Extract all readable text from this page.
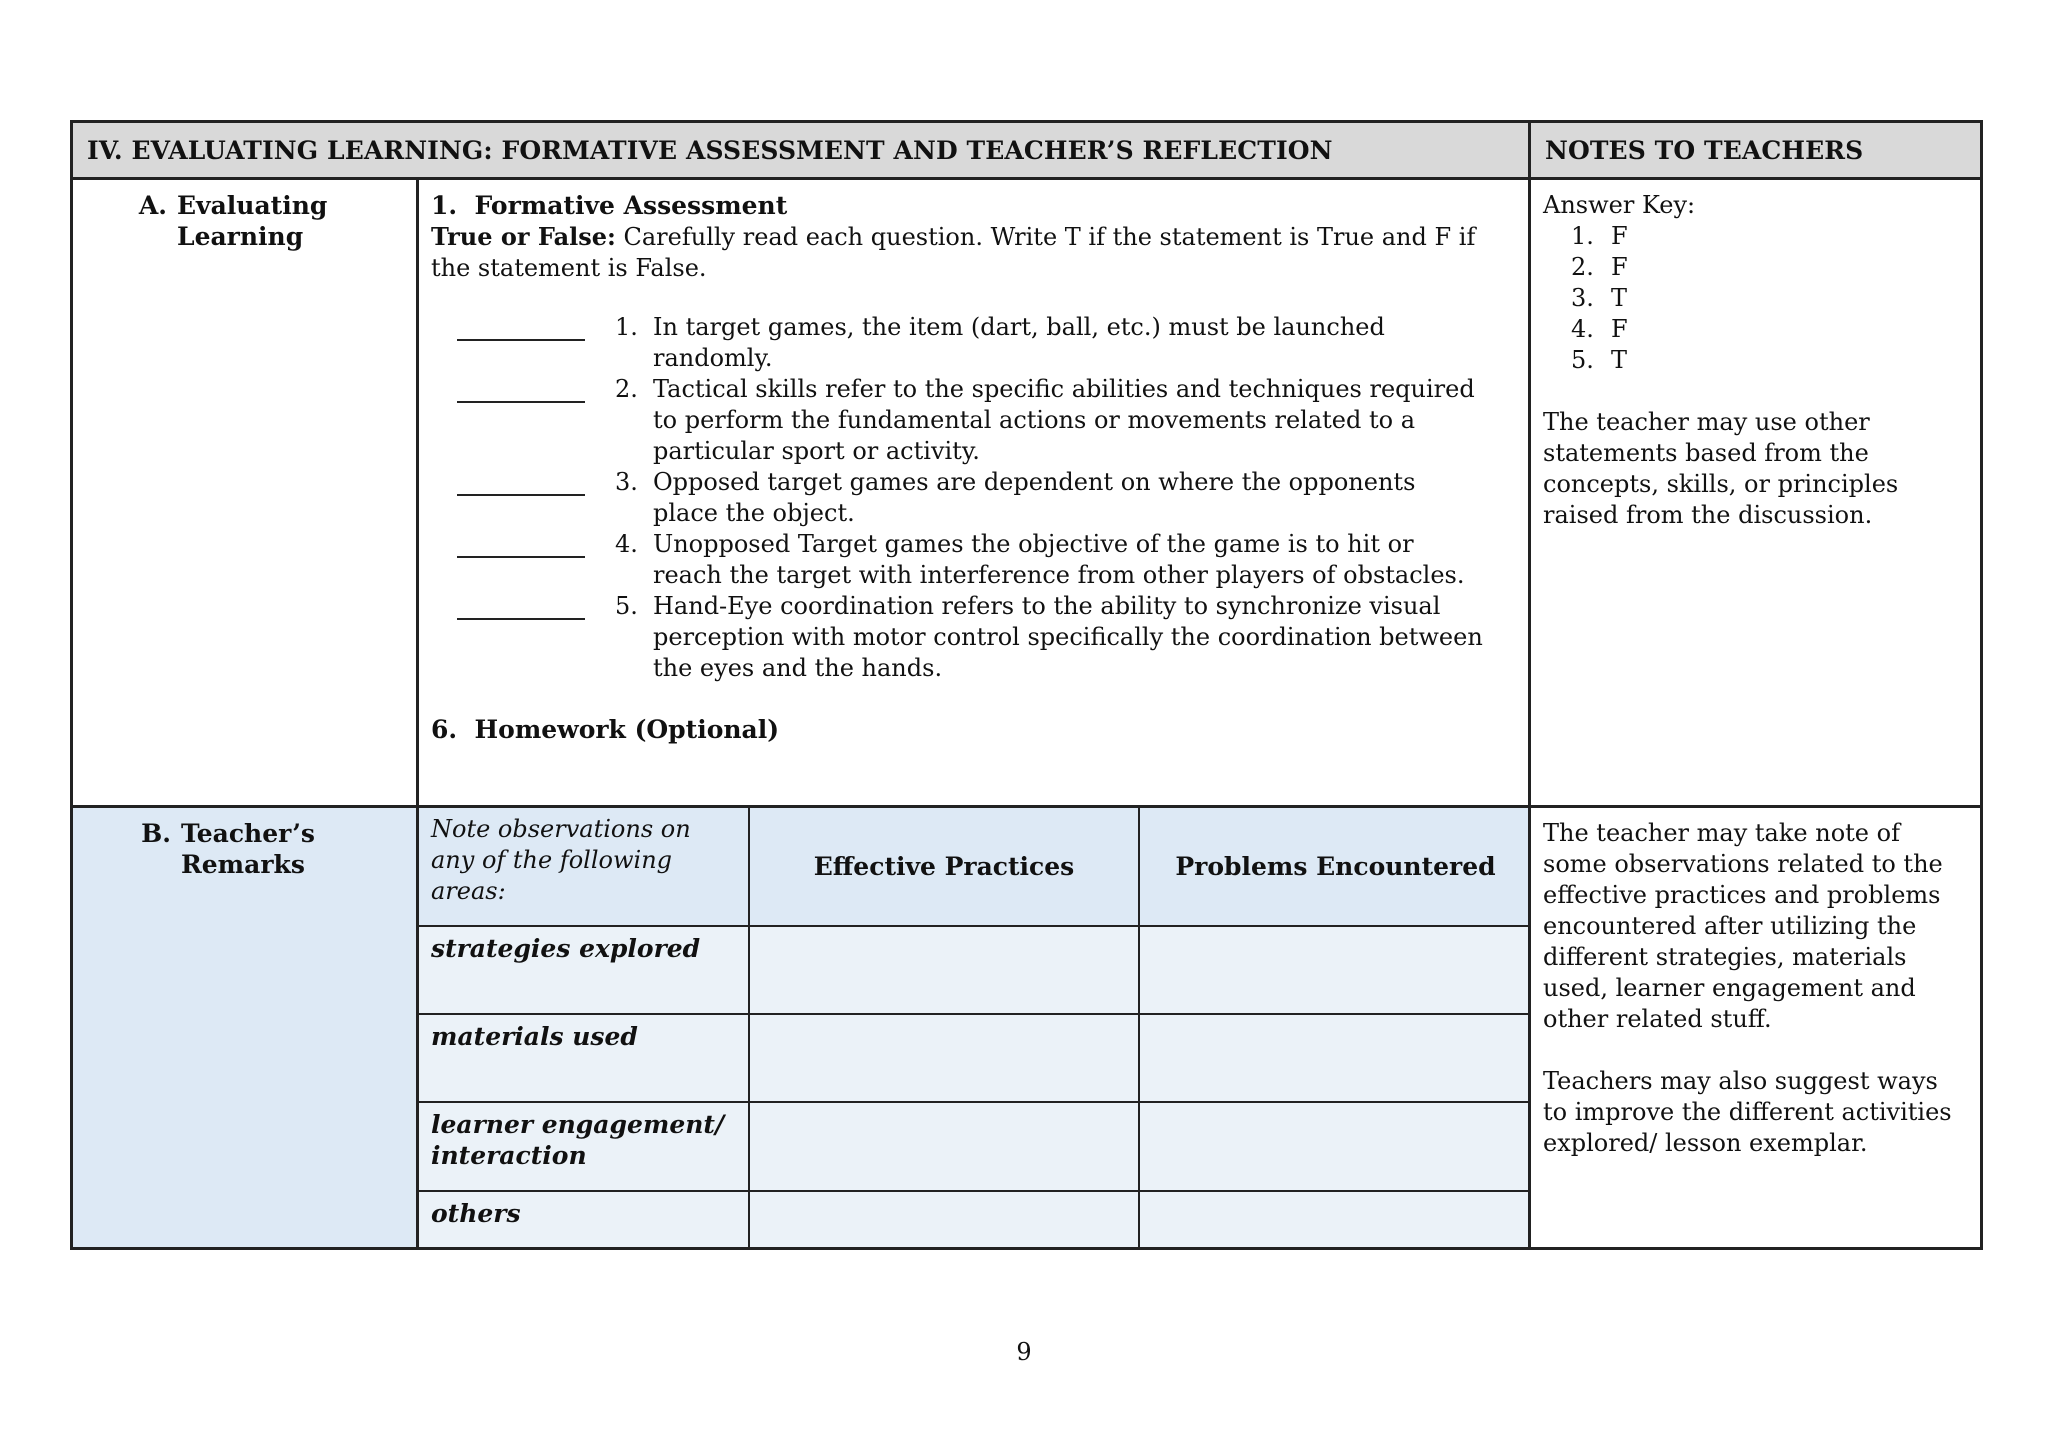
IV. EVALUATING LEARNING: FORMATIVE ASSESSMENT AND TEACHER’S REFLECTION	NOTES TO TEACHERS

A. Evaluating Learning

1. Formative Assessment
True or False: Carefully read each question. Write T if the statement is True and F if the statement is False.
1. In target games, the item (dart, ball, etc.) must be launched randomly.
2. Tactical skills refer to the specific abilities and techniques required to perform the fundamental actions or movements related to a particular sport or activity.
3. Opposed target games are dependent on where the opponents place the object.
4. Unopposed Target games the objective of the game is to hit or reach the target with interference from other players of obstacles.
5. Hand-Eye coordination refers to the ability to synchronize visual perception with motor control specifically the coordination between the eyes and the hands.
6. Homework (Optional)

Answer Key:
1. F
2. F
3. T
4. F
5. T
The teacher may use other statements based from the concepts, skills, or principles raised from the discussion.

B. Teacher’s Remarks

Note observations on any of the following areas:	Effective Practices	Problems Encountered
strategies explored		
materials used		
learner engagement/ interaction		
others		

The teacher may take note of some observations related to the effective practices and problems encountered after utilizing the different strategies, materials used, learner engagement and other related stuff.
Teachers may also suggest ways to improve the different activities explored/ lesson exemplar.
9
